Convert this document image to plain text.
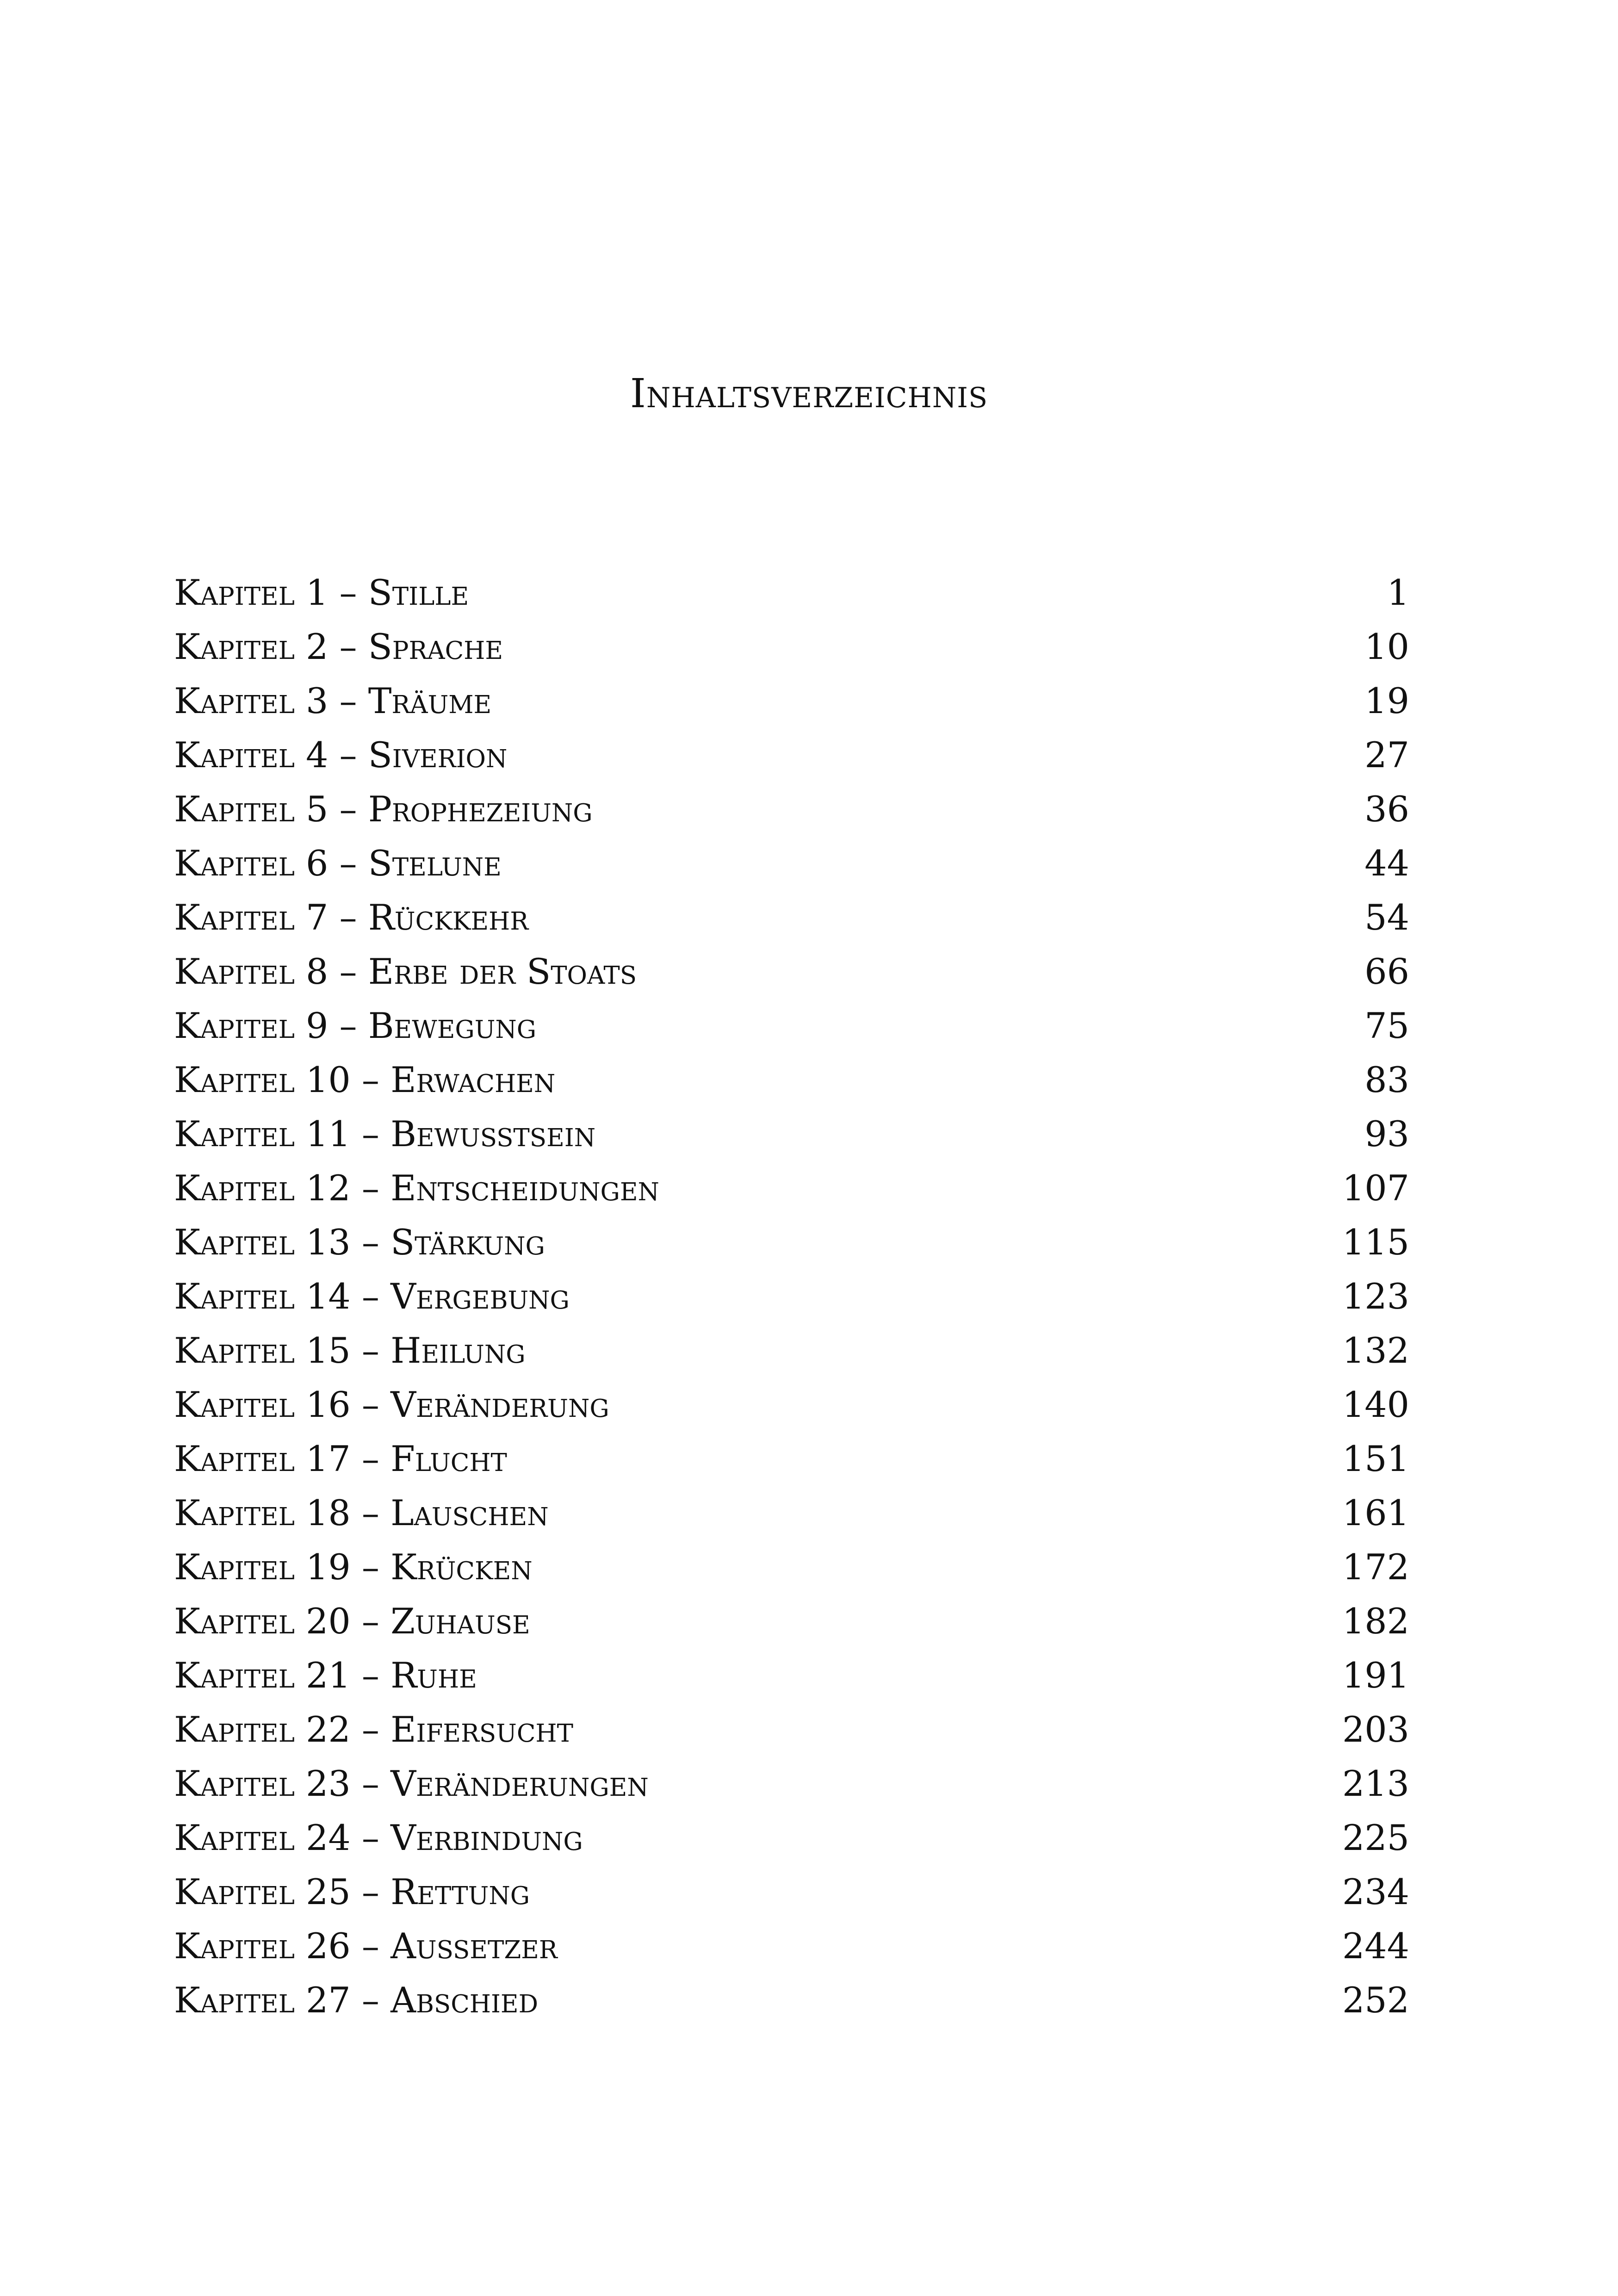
Inhaltsverzeichnis
Kapitel 1 – Stille	1
Kapitel 2 – Sprache	10
Kapitel 3 – Träume	19
Kapitel 4 – Siverion	27
Kapitel 5 – Prophezeiung	36
Kapitel 6 – Stelune	44
Kapitel 7 – Rückkehr	54
Kapitel 8 – Erbe der Stoats	66
Kapitel 9 – Bewegung	75
Kapitel 10 – Erwachen	83
Kapitel 11 – Bewusstsein	93
Kapitel 12 – Entscheidungen	107
Kapitel 13 – Stärkung	115
Kapitel 14 – Vergebung	123
Kapitel 15 – Heilung	132
Kapitel 16 – Veränderung	140
Kapitel 17 – Flucht	151
Kapitel 18 – Lauschen	161
Kapitel 19 – Krücken	172
Kapitel 20 – Zuhause	182
Kapitel 21 – Ruhe	191
Kapitel 22 – Eifersucht	203
Kapitel 23 – Veränderungen	213
Kapitel 24 – Verbindung	225
Kapitel 25 – Rettung	234
Kapitel 26 – Aussetzer	244
Kapitel 27 – Abschied	252
